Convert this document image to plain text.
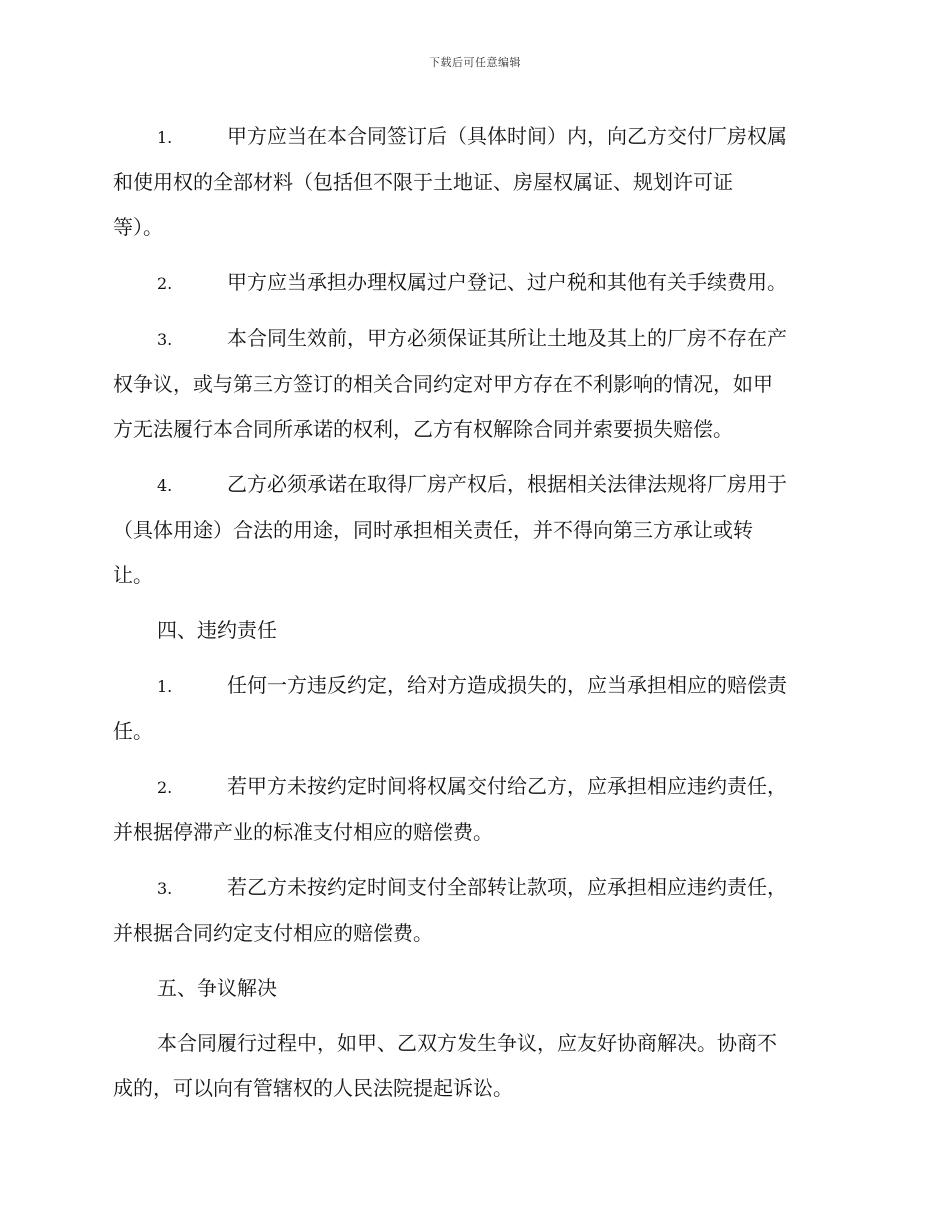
下载后可任意编辑
1.	甲方应当在本合同签订后（具体时间）内，向乙方交付厂房权属
和使用权的全部材料（包括但不限于土地证、房屋权属证、规划许可证
等）。
2.	甲方应当承担办理权属过户登记、过户税和其他有关手续费用。
3.	本合同生效前，甲方必须保证其所让土地及其上的厂房不存在产
权争议，或与第三方签订的相关合同约定对甲方存在不利影响的情况，如甲
方无法履行本合同所承诺的权利，乙方有权解除合同并索要损失赔偿。
4.	乙方必须承诺在取得厂房产权后，根据相关法律法规将厂房用于
（具体用途）合法的用途，同时承担相关责任，并不得向第三方承让或转
让。
四、违约责任
1.	任何一方违反约定，给对方造成损失的，应当承担相应的赔偿责
任。
2.	若甲方未按约定时间将权属交付给乙方，应承担相应违约责任，
并根据停滞产业的标准支付相应的赔偿费。
3.	若乙方未按约定时间支付全部转让款项，应承担相应违约责任，
并根据合同约定支付相应的赔偿费。
五、争议解决
本合同履行过程中，如甲、乙双方发生争议，应友好协商解决。协商不
成的，可以向有管辖权的人民法院提起诉讼。
